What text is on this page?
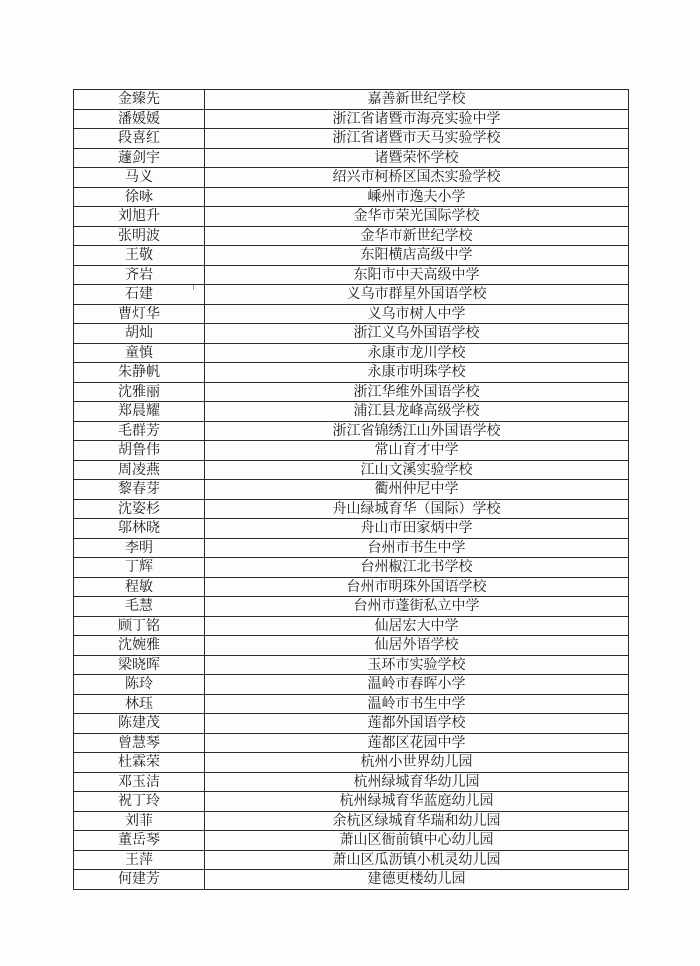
金臻先	嘉善新世纪学校
潘媛媛	浙江省诸暨市海亮实验中学
段喜红	浙江省诸暨市天马实验学校
蘧剑宇	诸暨荣怀学校
马义	绍兴市柯桥区国杰实验学校
徐咏	嵊州市逸夫小学
刘旭升	金华市荣光国际学校
张明波	金华市新世纪学校
王敬	东阳横店高级中学
齐岩	东阳市中天高级中学
石建	义乌市群星外国语学校
曹灯华	义乌市树人中学
胡灿	浙江义乌外国语学校
童慎	永康市龙川学校
朱静帆	永康市明珠学校
沈雅丽	浙江华维外国语学校
郑晨耀	浦江县龙峰高级学校
毛群芳	浙江省锦绣江山外国语学校
胡鲁伟	常山育才中学
周凌燕	江山文溪实验学校
黎春芽	衢州仲尼中学
沈姿杉	舟山绿城育华（国际）学校
邬林晓	舟山市田家炳中学
李明	台州市书生中学
丁辉	台州椒江北书学校
程敏	台州市明珠外国语学校
毛慧	台州市蓬街私立中学
顾丁铭	仙居宏大中学
沈婉雅	仙居外语学校
梁晓晖	玉环市实验学校
陈玲	温岭市春晖小学
林珏	温岭市书生中学
陈建茂	莲都外国语学校
曾慧琴	莲都区花园中学
杜霖荣	杭州小世界幼儿园
邓玉洁	杭州绿城育华幼儿园
祝丁玲	杭州绿城育华蓝庭幼儿园
刘菲	余杭区绿城育华瑞和幼儿园
董岳琴	萧山区衙前镇中心幼儿园
王萍	萧山区瓜沥镇小机灵幼儿园
何建芳	建德更楼幼儿园
